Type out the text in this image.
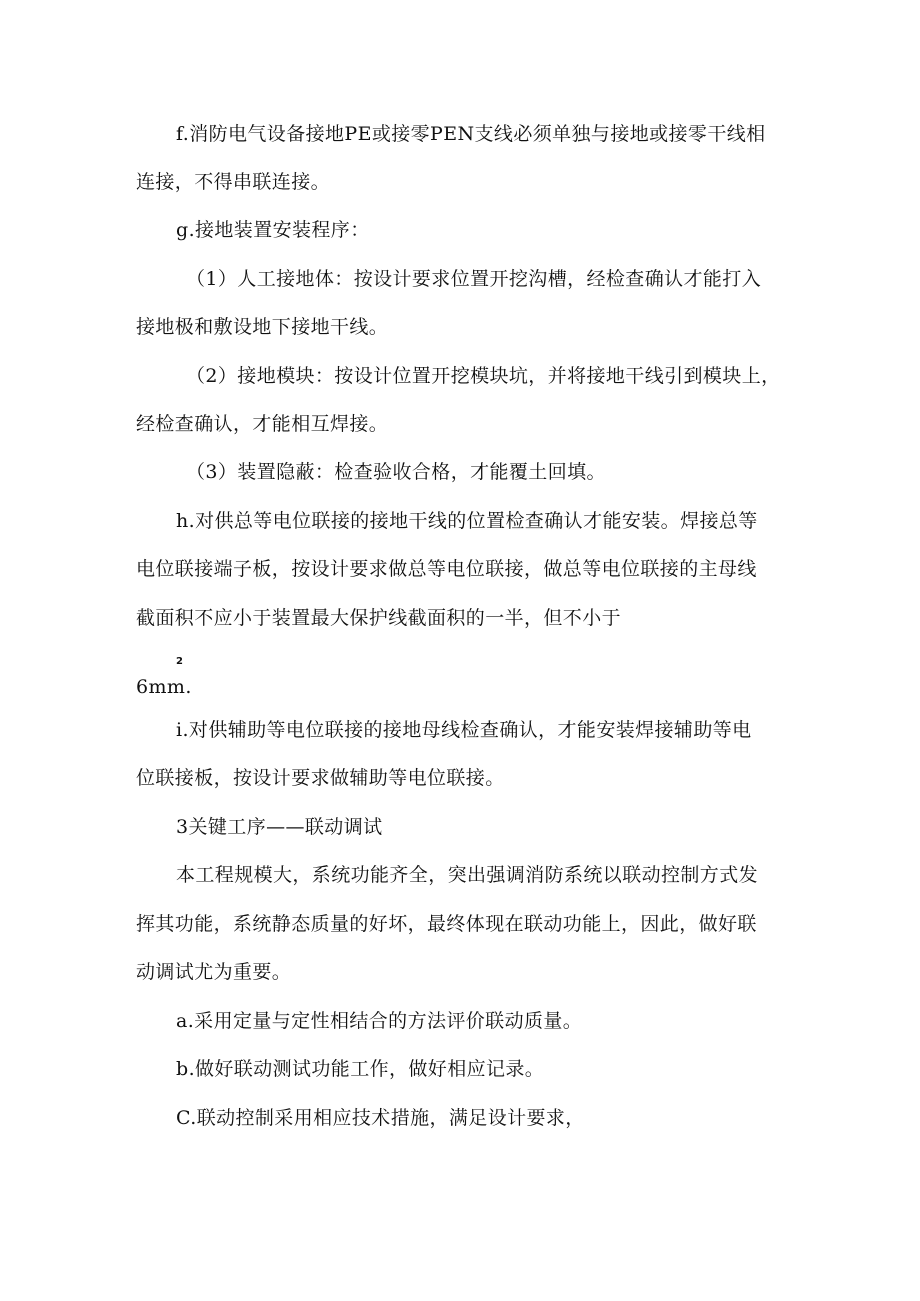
f.消防电气设备接地PE或接零PEN支线必须单独与接地或接零干线相
连接，不得串联连接。
g.接地装置安装程序：
（1）人工接地体：按设计要求位置开挖沟槽，经检查确认才能打入
接地极和敷设地下接地干线。
（2）接地模块：按设计位置开挖模块坑，并将接地干线引到模块上，
经检查确认，才能相互焊接。
（3）装置隐蔽：检查验收合格，才能覆土回填。
h.对供总等电位联接的接地干线的位置检查确认才能安装。焊接总等
电位联接端子板，按设计要求做总等电位联接，做总等电位联接的主母线
截面积不应小于装置最大保护线截面积的一半，但不小于
2
6mm.
i.对供辅助等电位联接的接地母线检查确认，才能安装焊接辅助等电
位联接板，按设计要求做辅助等电位联接。
3关键工序——联动调试
本工程规模大，系统功能齐全，突出强调消防系统以联动控制方式发
挥其功能，系统静态质量的好坏，最终体现在联动功能上，因此，做好联
动调试尤为重要。
a.采用定量与定性相结合的方法评价联动质量。
b.做好联动测试功能工作，做好相应记录。
C.联动控制采用相应技术措施，满足设计要求，
